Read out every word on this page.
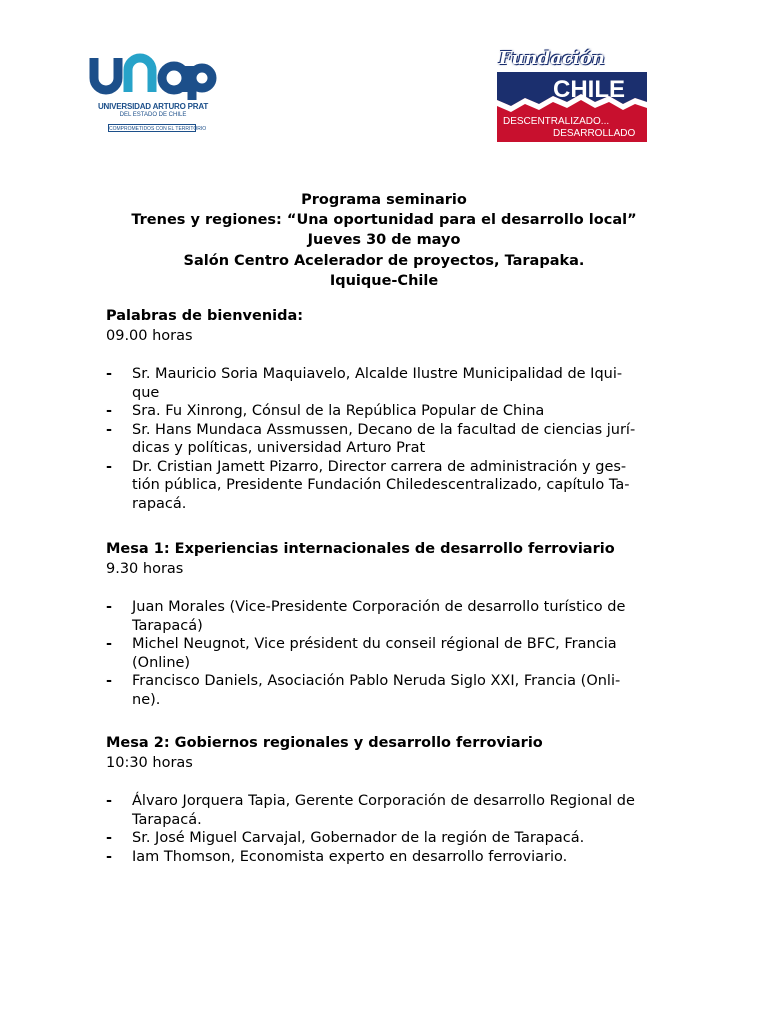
UNIVERSIDAD ARTURO PRAT
DEL ESTADO DE CHILE
COMPROMETIDOS CON EL TERRITORIO
Fundación
CHILE
DESCENTRALIZADO...
DESARROLLADO
Programa seminario
Trenes y regiones: “Una oportunidad para el desarrollo local”
Jueves 30 de mayo
Salón Centro Acelerador de proyectos, Tarapaka.
Iquique-Chile
Palabras de bienvenida:
09.00 horas
- Sr. Mauricio Soria Maquiavelo, Alcalde Ilustre Municipalidad de Iqui-
que
- Sra. Fu Xinrong, Cónsul de la República Popular de China
- Sr. Hans Mundaca Assmussen, Decano de la facultad de ciencias jurí-
dicas y políticas, universidad Arturo Prat
- Dr. Cristian Jamett Pizarro, Director carrera de administración y ges-
tión pública, Presidente Fundación Chiledescentralizado, capítulo Ta-
rapacá.
Mesa 1: Experiencias internacionales de desarrollo ferroviario
9.30 horas
- Juan Morales (Vice-Presidente Corporación de desarrollo turístico de
Tarapacá)
- Michel Neugnot, Vice président du conseil régional de BFC, Francia
(Online)
- Francisco Daniels, Asociación Pablo Neruda Siglo XXI, Francia (Onli-
ne).
Mesa 2: Gobiernos regionales y desarrollo ferroviario
10:30 horas
- Álvaro Jorquera Tapia, Gerente Corporación de desarrollo Regional de
Tarapacá.
- Sr. José Miguel Carvajal, Gobernador de la región de Tarapacá.
- Iam Thomson, Economista experto en desarrollo ferroviario.
